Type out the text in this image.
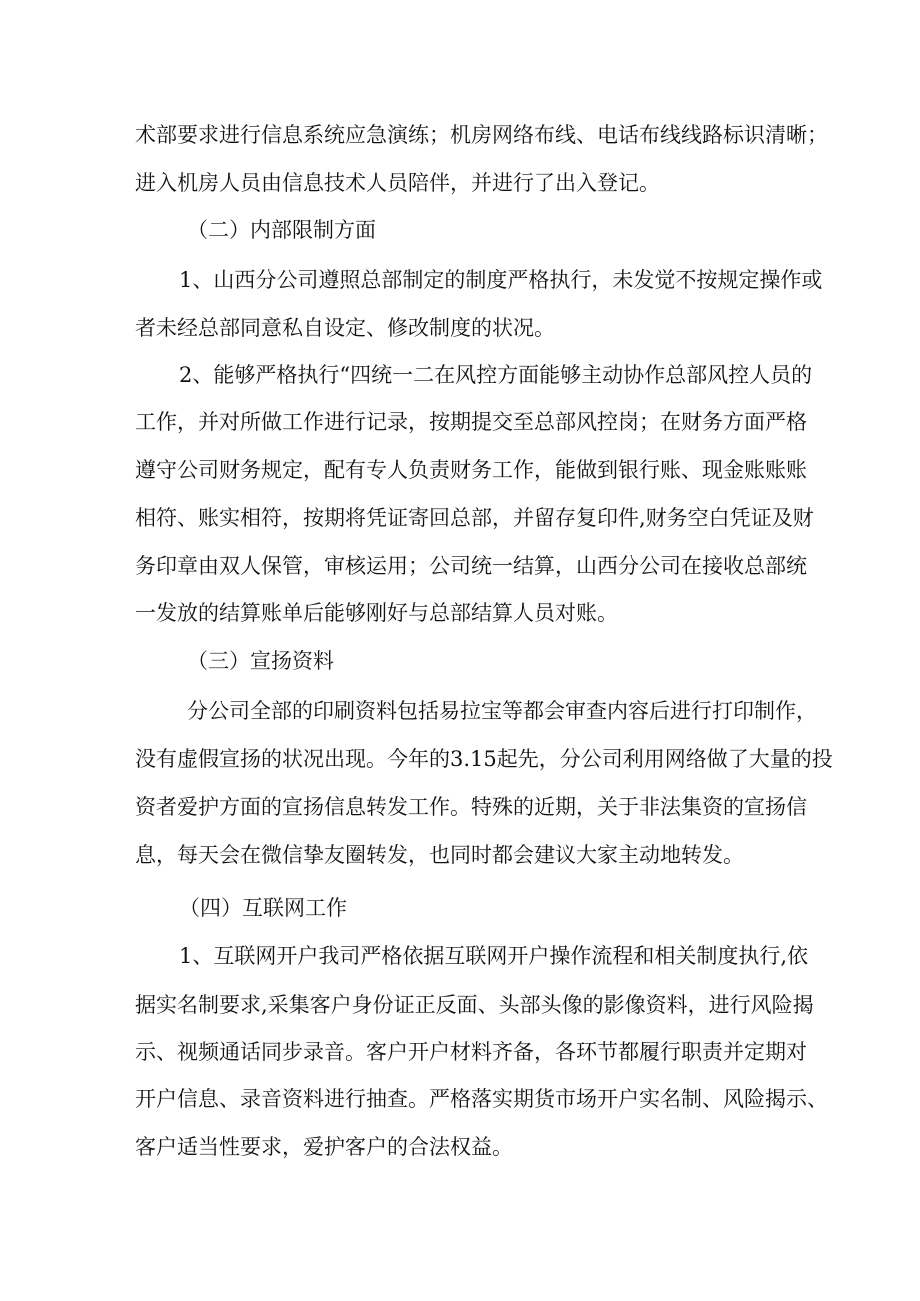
术部要求进行信息系统应急演练；机房网络布线、电话布线线路标识清晰；

进入机房人员由信息技术人员陪伴，并进行了出入登记。

（二）内部限制方面

1、山西分公司遵照总部制定的制度严格执行，未发觉不按规定操作或

者未经总部同意私自设定、修改制度的状况。

2、能够严格执行“四统一二在风控方面能够主动协作总部风控人员的

工作，并对所做工作进行记录，按期提交至总部风控岗；在财务方面严格

遵守公司财务规定，配有专人负责财务工作，能做到银行账、现金账账账

相符、账实相符，按期将凭证寄回总部，并留存复印件,财务空白凭证及财

务印章由双人保管，审核运用；公司统一结算，山西分公司在接收总部统

一发放的结算账单后能够刚好与总部结算人员对账。

（三）宣扬资料

分公司全部的印刷资料包括易拉宝等都会审查内容后进行打印制作，

没有虚假宣扬的状况出现。今年的3.15起先，分公司利用网络做了大量的投

资者爱护方面的宣扬信息转发工作。特殊的近期，关于非法集资的宣扬信

息，每天会在微信挚友圈转发，也同时都会建议大家主动地转发。

（四）互联网工作

1、互联网开户我司严格依据互联网开户操作流程和相关制度执行,依

据实名制要求,采集客户身份证正反面、头部头像的影像资料，进行风险揭

示、视频通话同步录音。客户开户材料齐备，各环节都履行职责并定期对

开户信息、录音资料进行抽查。严格落实期货市场开户实名制、风险揭示、

客户适当性要求，爱护客户的合法权益。
